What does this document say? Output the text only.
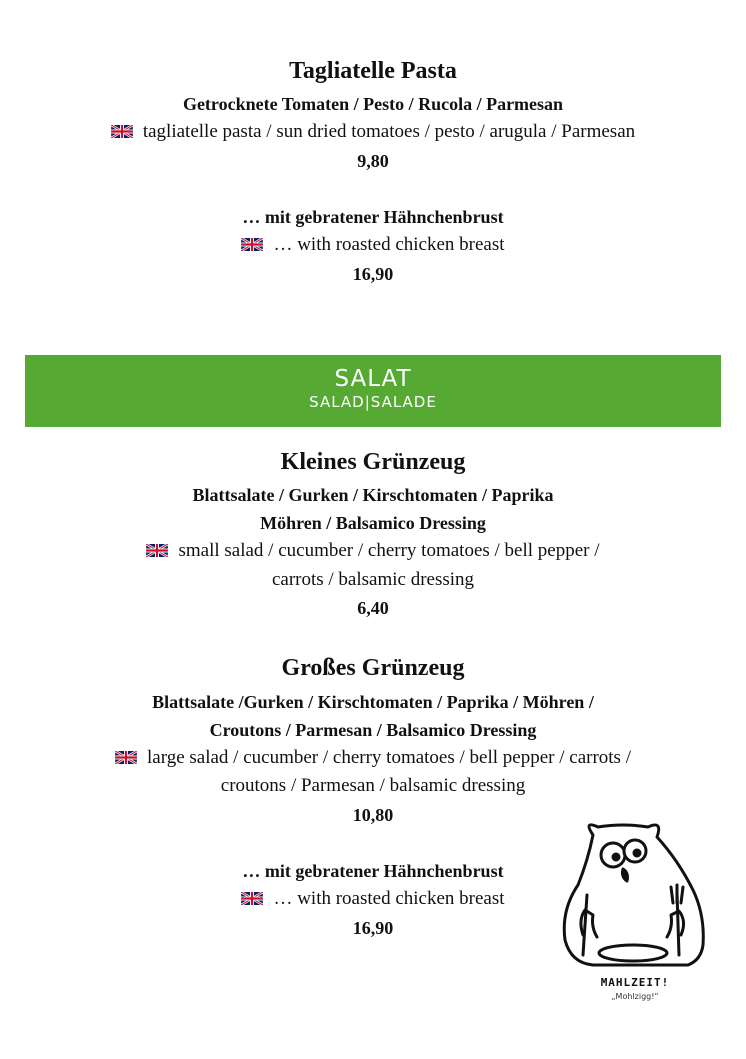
Tagliatelle Pasta
Getrocknete Tomaten / Pesto / Rucola / Parmesan
tagliatelle pasta / sun dried tomatoes / pesto / arugula / Parmesan
9,80
… mit gebratener Hähnchenbrust
… with roasted chicken breast
16,90
SALAT
SALAD|SALADE
Kleines Grünzeug
Blattsalate / Gurken / Kirschtomaten / Paprika
Möhren / Balsamico Dressing
small salad / cucumber / cherry tomatoes / bell pepper /
carrots / balsamic dressing
6,40
Großes Grünzeug
Blattsalate /Gurken / Kirschtomaten / Paprika / Möhren /
Croutons / Parmesan / Balsamico Dressing
large salad / cucumber / cherry tomatoes / bell pepper / carrots /
croutons / Parmesan / balsamic dressing
10,80
… mit gebratener Hähnchenbrust
… with roasted chicken breast
16,90
MAHLZEIT!
„Mohlzigg!“
